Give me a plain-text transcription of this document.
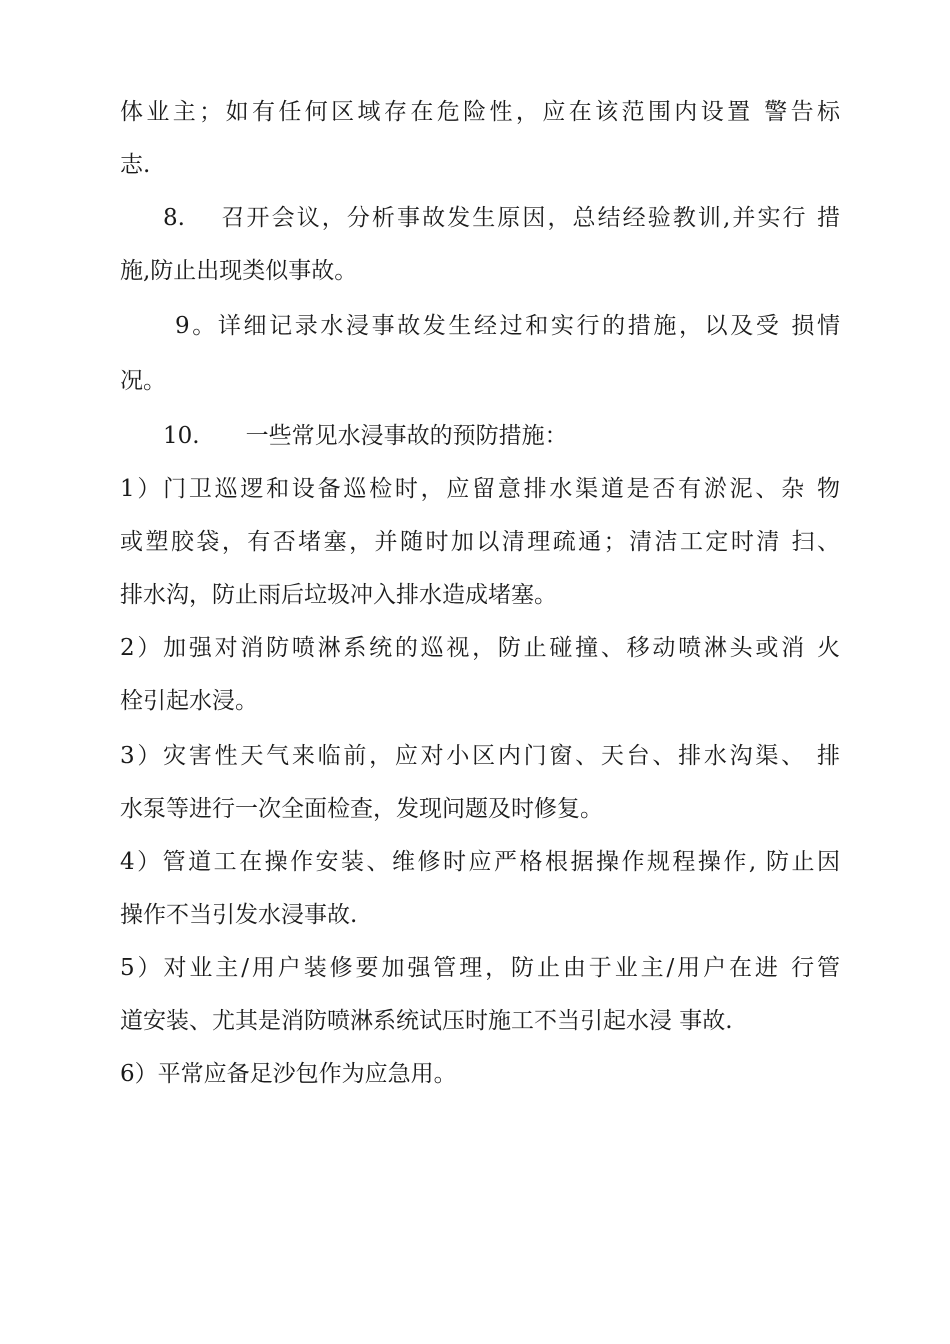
体业主；如有任何区域存在危险性，应在该范围内设置 警告标
志.
8.　 召开会议，分析事故发生原因，总结经验教训,并实行 措
施,防止出现类似事故。
9。详细记录水浸事故发生经过和实行的措施，以及受 损情
况。
10.　　一些常见水浸事故的预防措施：
1）门卫巡逻和设备巡检时，应留意排水渠道是否有淤泥、杂 物
或塑胶袋，有否堵塞，并随时加以清理疏通；清洁工定时清 扫、
排水沟，防止雨后垃圾冲入排水造成堵塞。
2）加强对消防喷淋系统的巡视，防止碰撞、移动喷淋头或消 火
栓引起水浸。
3）灾害性天气来临前，应对小区内门窗、天台、排水沟渠、 排
水泵等进行一次全面检查，发现问题及时修复。
4）管道工在操作安装、维修时应严格根据操作规程操作, 防止因
操作不当引发水浸事故.
5）对业主/用户装修要加强管理，防止由于业主/用户在进 行管
道安装、尤其是消防喷淋系统试压时施工不当引起水浸 事故.
6）平常应备足沙包作为应急用。
